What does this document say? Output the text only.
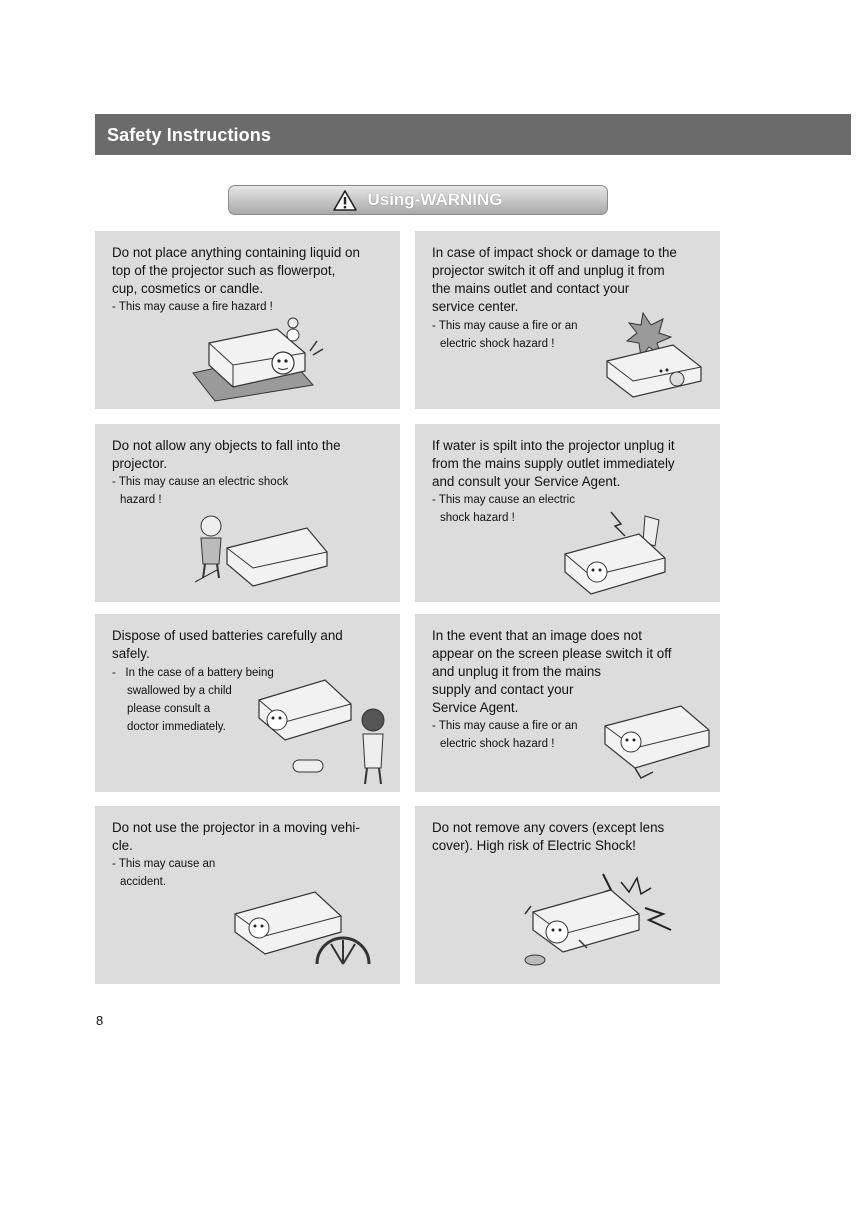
Safety Instructions
Using-WARNING
Do not place anything containing liquid on
top of the projector such as flowerpot,
cup, cosmetics or candle.
- This may cause a fire hazard !
In case of impact shock or damage to the
projector switch it off and unplug it from
the mains outlet and contact your
service center.
- This may cause a fire or an
electric shock hazard !
Do not allow any objects to fall into the
projector.
- This may cause an electric shock
hazard !
If water is spilt into the projector unplug it
from the mains supply outlet immediately
and consult your Service Agent.
- This may cause an electric
shock hazard !
Dispose of used batteries carefully and
safely.
-   In the case of a battery being
swallowed by a child
please consult a
doctor immediately.
In the event that an image does not
appear on the screen please switch it off
and unplug it from the mains
supply and contact your
Service Agent.
- This may cause a fire or an
electric shock hazard !
Do not use the projector in a moving vehi-
cle.
- This may cause an
accident.
Do not remove any covers (except lens
cover). High risk of Electric Shock!
8
